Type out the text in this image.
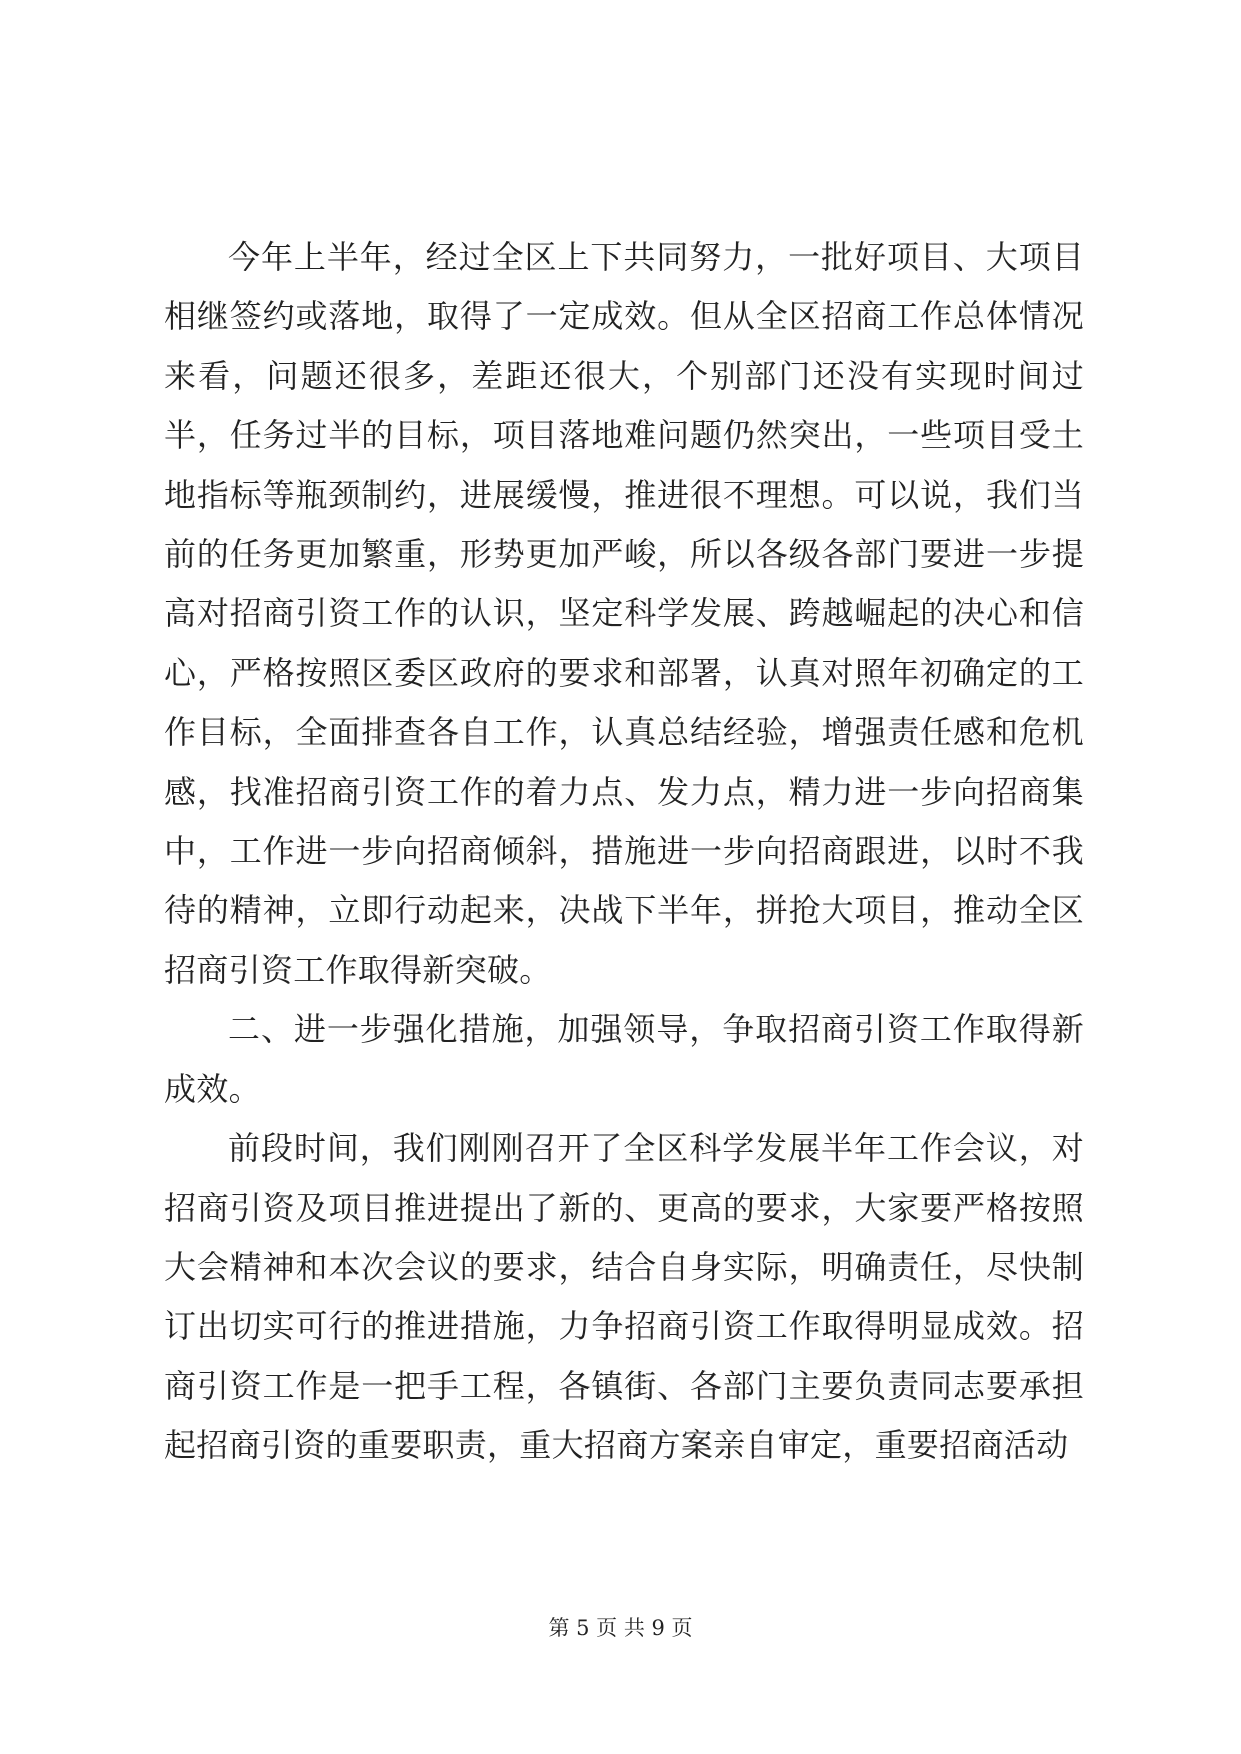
今年上半年，经过全区上下共同努力，一批好项目、大项目相继签约或落地，取得了一定成效。但从全区招商工作总体情况来看，问题还很多，差距还很大，个别部门还没有实现时间过半，任务过半的目标，项目落地难问题仍然突出，一些项目受土地指标等瓶颈制约，进展缓慢，推进很不理想。可以说，我们当前的任务更加繁重，形势更加严峻，所以各级各部门要进一步提高对招商引资工作的认识，坚定科学发展、跨越崛起的决心和信心，严格按照区委区政府的要求和部署，认真对照年初确定的工作目标，全面排查各自工作，认真总结经验，增强责任感和危机感，找准招商引资工作的着力点、发力点，精力进一步向招商集中，工作进一步向招商倾斜，措施进一步向招商跟进，以时不我待的精神，立即行动起来，决战下半年，拼抢大项目，推动全区招商引资工作取得新突破。

二、进一步强化措施，加强领导，争取招商引资工作取得新成效。

前段时间，我们刚刚召开了全区科学发展半年工作会议，对招商引资及项目推进提出了新的、更高的要求，大家要严格按照大会精神和本次会议的要求，结合自身实际，明确责任，尽快制订出切实可行的推进措施，力争招商引资工作取得明显成效。招商引资工作是一把手工程，各镇街、各部门主要负责同志要承担起招商引资的重要职责，重大招商方案亲自审定，重要招商活动

第 5 页 共 9 页
